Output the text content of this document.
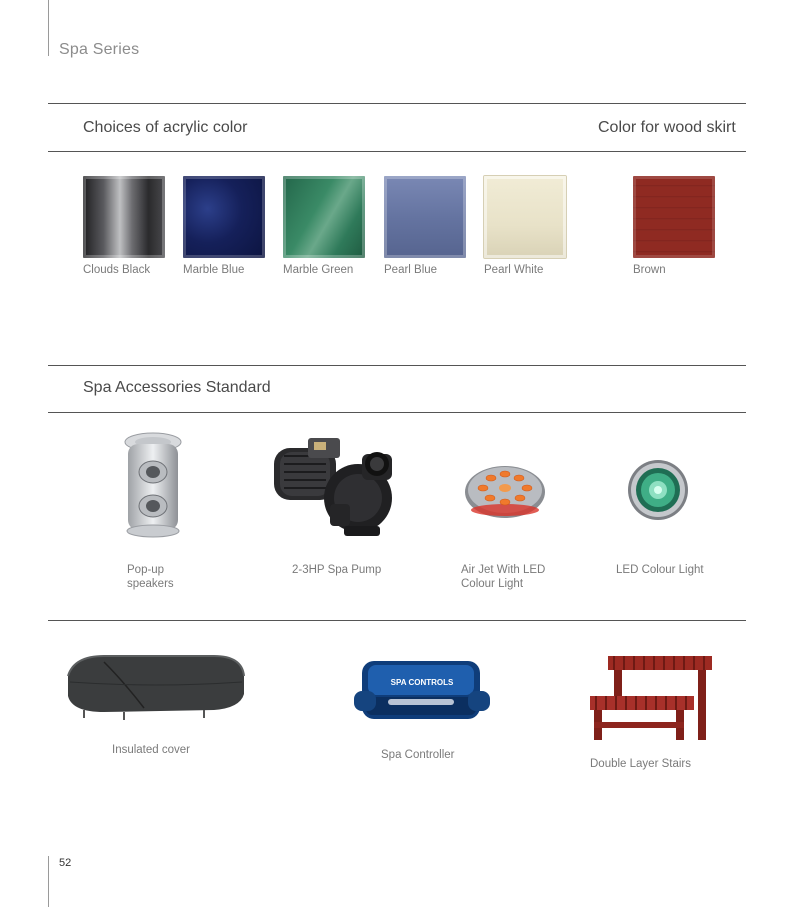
Spa Series
Choices of acrylic color	Color for wood skirt
Clouds Black	Marble Blue	Marble Green	Pearl Blue	Pearl White	Brown
Spa Accessories Standard
Pop-up
speakers
2-3HP Spa Pump	Air Jet With LED
Colour Light
LED Colour Light
SPA CONTROLS
Insulated cover	Spa Controller
Double Layer Stairs
52
